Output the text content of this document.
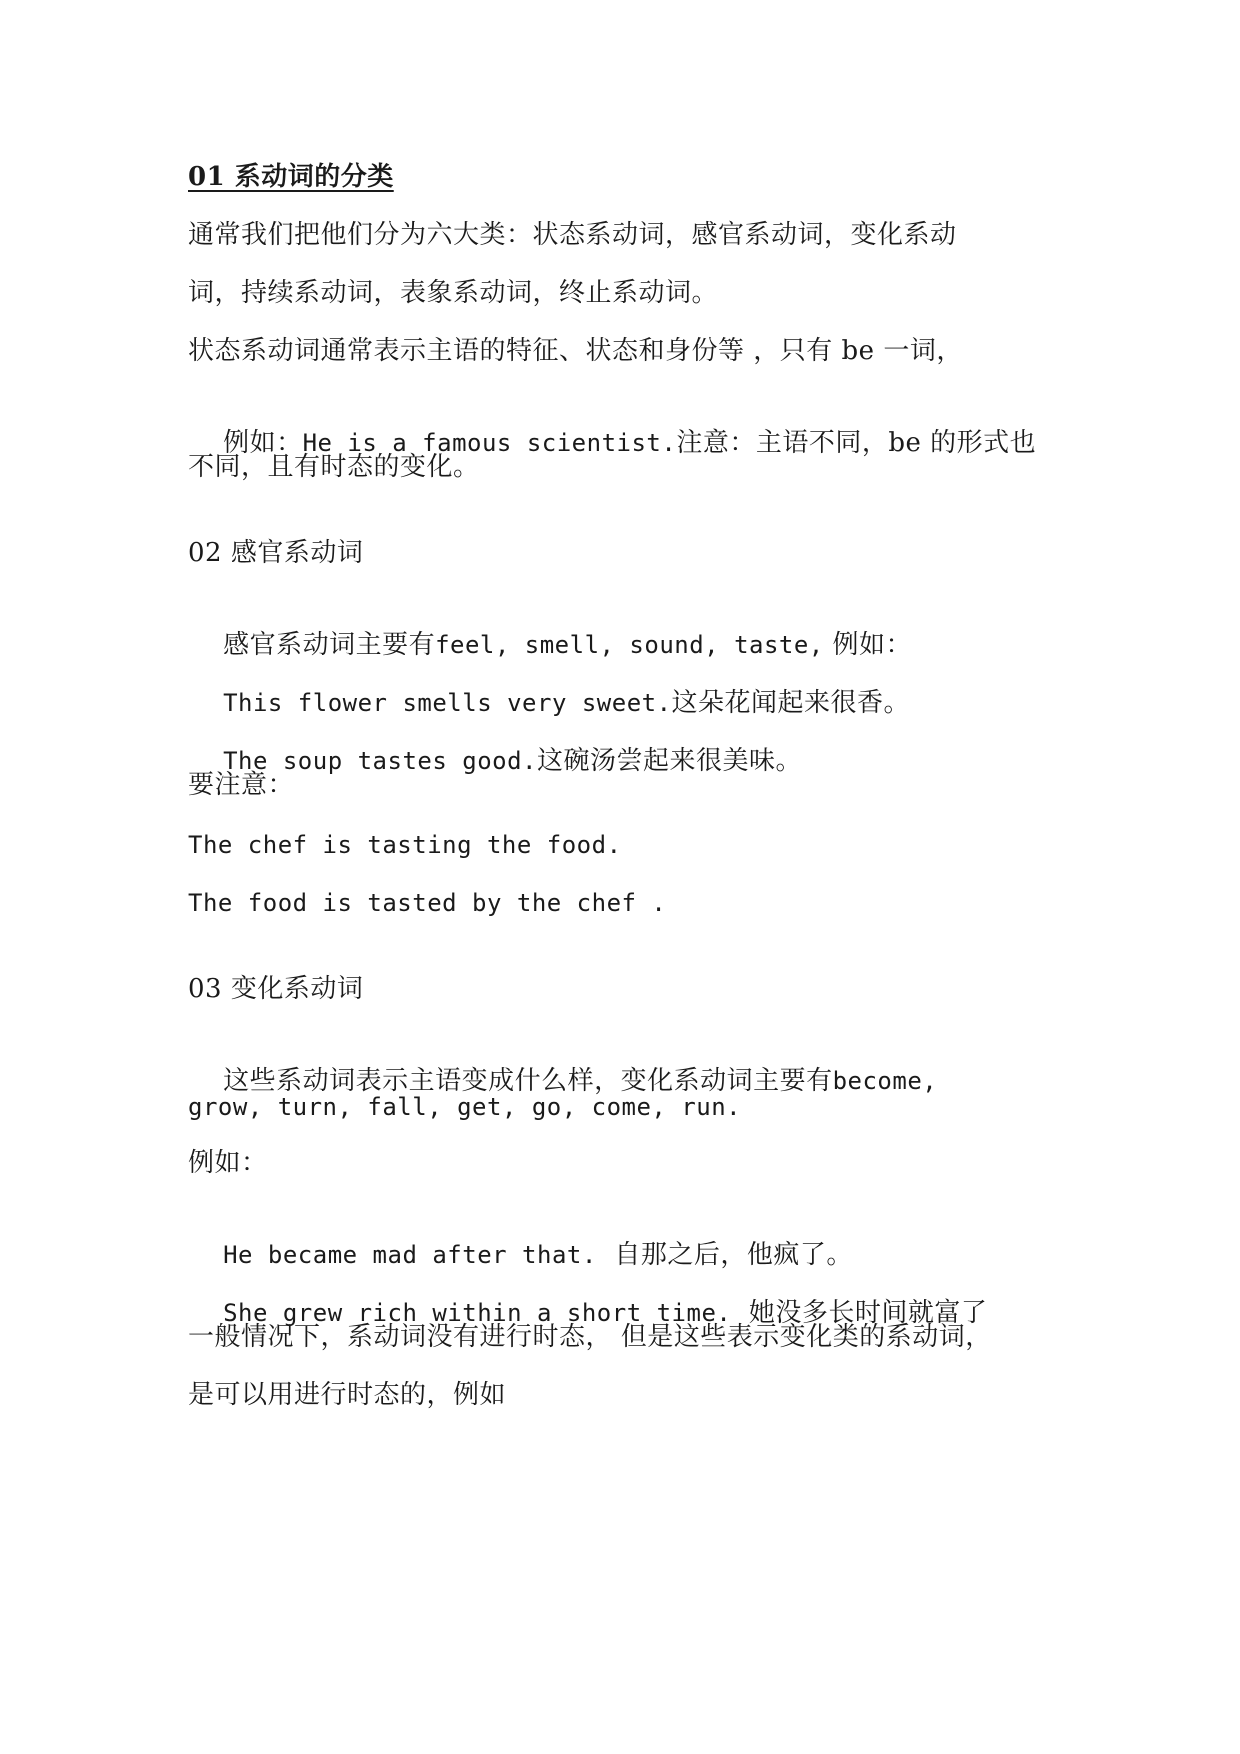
01 系动词的分类
通常我们把他们分为六大类：状态系动词，感官系动词，变化系动
词，持续系动词，表象系动词，终止系动词。
状态系动词通常表示主语的特征、状态和身份等 ，只有 be 一词，

例如：He is a famous scientist.注意：主语不同，be 的形式也

不同，且有时态的变化。
02 感官系动词

感官系动词主要有feel, smell, sound, taste, 例如：

This flower smells very sweet.这朵花闻起来很香。

The soup tastes good.这碗汤尝起来很美味。

要注意：
The chef is tasting the food.
The food is tasted by the chef .
03 变化系动词

这些系动词表示主语变成什么样，变化系动词主要有become,

grow, turn, fall, get, go, come, run.
例如：

He became mad after that.  自那之后，他疯了。

She grew rich within a short time.  她没多长时间就富了

一般情况下，系动词没有进行时态， 但是这些表示变化类的系动词，
是可以用进行时态的，例如
